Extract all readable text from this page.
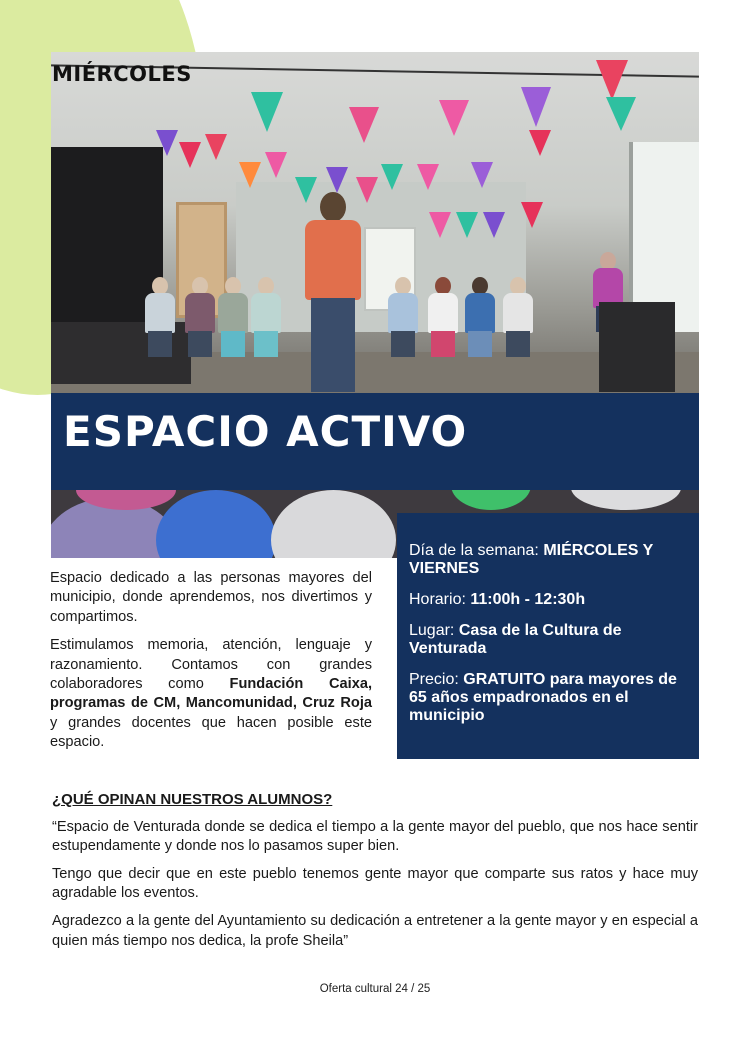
MIÉRCOLES
ESPACIO ACTIVO

Espacio dedicado a las personas mayores del municipio, donde aprendemos, nos divertimos y compartimos.

Estimulamos memoria, atención, lenguaje y razonamiento. Contamos con grandes colaboradores como Fundación Caixa, programas de CM, Mancomunidad, Cruz Roja y grandes docentes que hacen posible este espacio.

Día de la semana: MIÉRCOLES Y VIERNES

Horario: 11:00h - 12:30h

Lugar: Casa de la Cultura de Venturada

Precio: GRATUITO para mayores de 65 años empadronados en el municipio

¿QUÉ OPINAN NUESTROS ALUMNOS?

“Espacio de Venturada donde se dedica el tiempo a la gente mayor del pueblo, que nos hace sentir estupendamente y donde nos lo pasamos super bien.

Tengo que decir que en este pueblo tenemos gente mayor que comparte sus ratos y hace muy agradable los eventos.

Agradezco a la gente del Ayuntamiento su dedicación a entretener a la gente mayor y en especial a quien más tiempo nos dedica, la profe Sheila”

Oferta cultural 24 / 25
